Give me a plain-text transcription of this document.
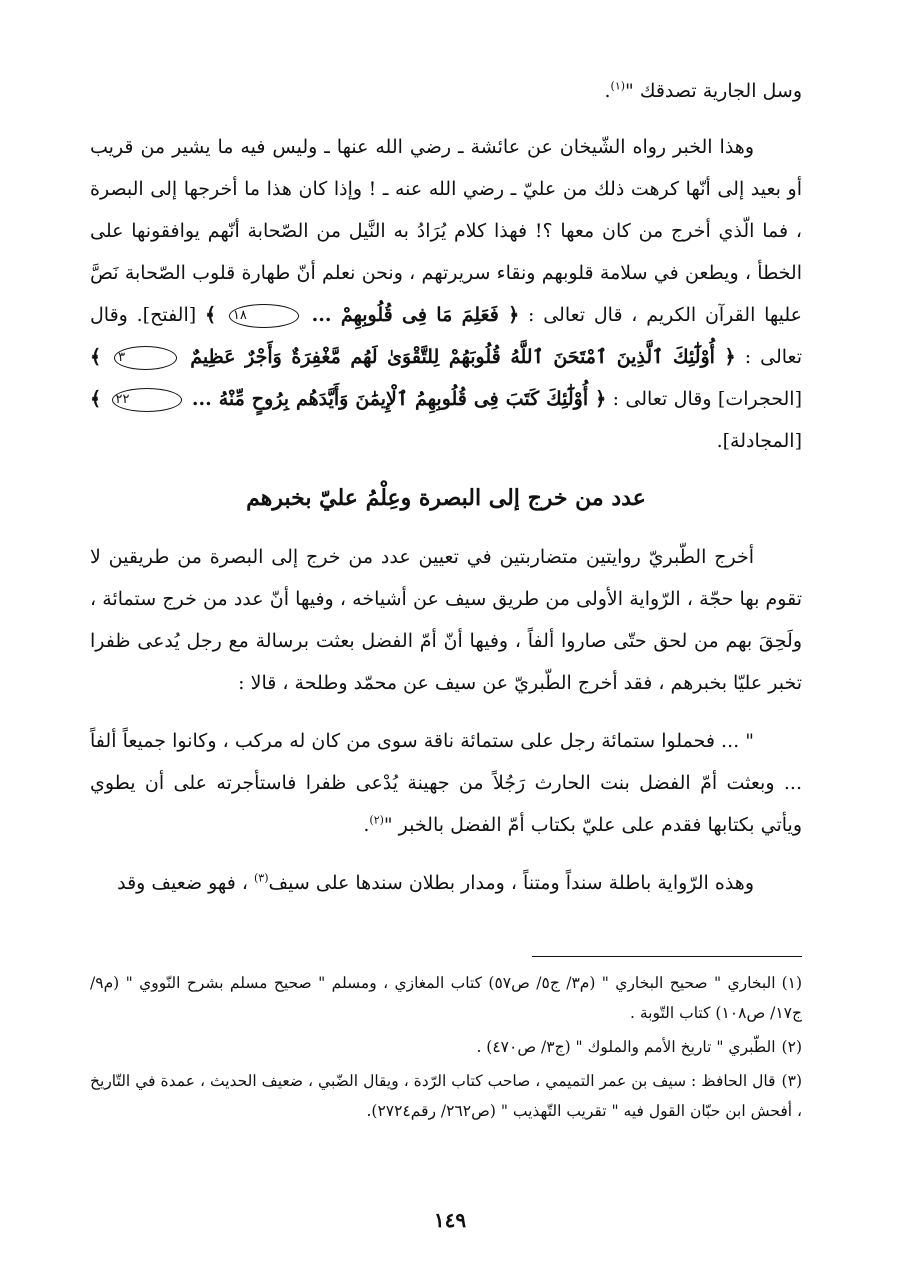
وسل الجارية تصدقك "$^{(١)}$.

وهذا الخبر رواه الشّيخان عن عائشة ـ رضي الله عنها ـ وليس فيه ما يشير من قريب أو بعيد إلى أنّها كرهت ذلك من عليّ ـ رضي الله عنه ـ ! وإذا كان هذا ما أخرجها إلى البصرة ، فما الّذي أخرج من كان معها ؟! فهذا كلام يُرَادُ به النَّيل من الصّحابة أنّهم يوافقونها على الخطأ ، ويطعن في سلامة قلوبهم ونقاء سريرتهم ، ونحن نعلم أنّ طهارة قلوب الصّحابة نَصَّ عليها القرآن الكريم ، قال تعالى : ﴿ فَعَلِمَ مَا فِى قُلُوبِهِمْ ... ١٨ ﴾ [الفتح]. وقال تعالى : ﴿ أُوْلَٰٓئِكَ ٱلَّذِينَ ٱمْتَحَنَ ٱللَّهُ قُلُوبَهُمْ لِلتَّقْوَىٰ لَهُم مَّغْفِرَةٌ وَأَجْرٌ عَظِيمٌ ٣ ﴾ [الحجرات] وقال تعالى : ﴿ أُوْلَٰٓئِكَ كَتَبَ فِى قُلُوبِهِمُ ٱلْإِيمَٰنَ وَأَيَّدَهُم بِرُوحٍ مِّنْهُ ... ٢٢ ﴾ [المجادلة].

عدد من خرج إلى البصرة وعِلْمُ عليّ بخبرهم

أخرج الطّبريّ روايتين متضاربتين في تعيين عدد من خرج إلى البصرة من طريقين لا تقوم بها حجّة ، الرّواية الأولى من طريق سيف عن أشياخه ، وفيها أنّ عدد من خرج ستمائة ، ولَحِقَ بهم من لحق حتّى صاروا ألفاً ، وفيها أنّ أمّ الفضل بعثت برسالة مع رجل يُدعى ظفرا تخبر عليّا بخبرهم ، فقد أخرج الطّبريّ عن سيف عن محمّد وطلحة ، قالا :

" ... فحملوا ستمائة رجل على ستمائة ناقة سوى من كان له مركب ، وكانوا جميعاً ألفاً ... وبعثت أمّ الفضل بنت الحارث رَجُلاً من جهينة يُدْعى ظفرا فاستأجرته على أن يطوي ويأتي بكتابها فقدم على عليّ بكتاب أمّ الفضل بالخبر "$^{(٢)}$.

وهذه الرّواية باطلة سنداً ومتناً ، ومدار بطلان سندها على سيف$^{(٣)}$ ، فهو ضعيف وقد

(١)البخاري " صحيح البخاري " (م٣/ ج٥/ ص٥٧) كتاب المغازي ، ومسلم " صحيح مسلم بشرح النّووي " (م٩/ ج١٧/ ص١٠٨) كتاب التّوبة .

(٢)الطّبري " تاريخ الأمم والملوك " (ج٣/ ص٤٧٠) .

(٣)قال الحافظ : سيف بن عمر التميمي ، صاحب كتاب الرّدة ، ويقال الضّبي ، ضعيف الحديث ، عمدة في التّاريخ ، أفحش ابن حبّان القول فيه " تقريب التّهذيب " (ص٢٦٢/ رقم٢٧٢٤).

١٤٩
